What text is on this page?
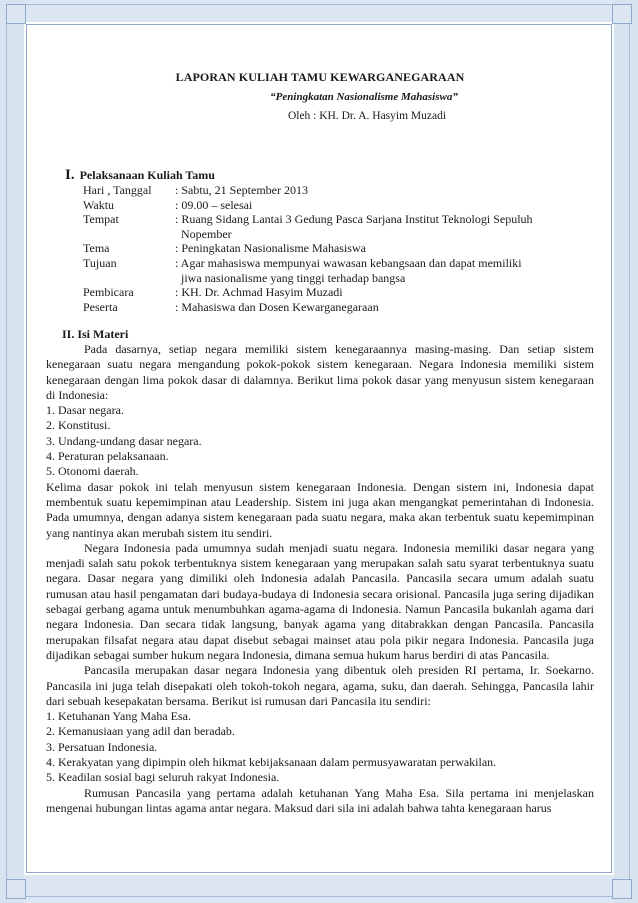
LAPORAN KULIAH TAMU KEWARGANEGARAAN

“Peningkatan Nasionalisme Mahasiswa”

Oleh : KH. Dr. A. Hasyim Muzadi

I. Pelaksanaan Kuliah Tamu
Hari , Tanggal	: Sabtu, 21 September 2013
Waktu	: 09.00 – selesai
Tempat	: Ruang Sidang Lantai 3 Gedung Pasca Sarjana Institut Teknologi Sepuluh
	Nopember
Tema	: Peningkatan Nasionalisme Mahasiswa
Tujuan	: Agar mahasiswa mempunyai wawasan kebangsaan dan dapat memiliki
	jiwa nasionalisme yang tinggi terhadap bangsa
Pembicara	: KH. Dr. Achmad Hasyim Muzadi
Peserta	: Mahasiswa dan Dosen Kewarganegaraan
II. Isi Materi

Pada dasarnya, setiap negara memiliki sistem kenegaraannya masing-masing. Dan setiap sistem kenegaraan suatu negara mengandung pokok-pokok sistem kenegaraan. Negara Indonesia memiliki sistem kenegaraan dengan lima pokok dasar di dalamnya. Berikut lima pokok dasar yang menyusun sistem kenegaraan di Indonesia:

1. Dasar negara.

2. Konstitusi.

3. Undang-undang dasar negara.

4. Peraturan pelaksanaan.

5. Otonomi daerah.

Kelima dasar pokok ini telah menyusun sistem kenegaraan Indonesia. Dengan sistem ini, Indonesia dapat membentuk suatu kepemimpinan atau Leadership. Sistem ini juga akan mengangkat pemerintahan di Indonesia. Pada umumnya, dengan adanya sistem kenegaraan pada suatu negara, maka akan terbentuk suatu kepemimpinan yang nantinya akan merubah sistem itu sendiri.

Negara Indonesia pada umumnya sudah menjadi suatu negara. Indonesia memiliki dasar negara yang menjadi salah satu pokok terbentuknya sistem kenegaraan yang merupakan salah satu syarat terbentuknya suatu negara. Dasar negara yang dimiliki oleh Indonesia adalah Pancasila. Pancasila secara umum adalah suatu rumusan atau hasil pengamatan dari budaya-budaya di Indonesia secara orisional. Pancasila juga sering dijadikan sebagai gerbang agama untuk menumbuhkan agama-agama di Indonesia. Namun Pancasila bukanlah agama dari negara Indonesia. Dan secara tidak langsung, banyak agama yang ditabrakkan dengan Pancasila. Pancasila merupakan filsafat negara atau dapat disebut sebagai mainset atau pola pikir negara Indonesia. Pancasila juga dijadikan sebagai sumber hukum negara Indonesia, dimana semua hukum harus berdiri di atas Pancasila.

Pancasila merupakan dasar negara Indonesia yang dibentuk oleh presiden RI pertama, Ir. Soekarno. Pancasila ini juga telah disepakati oleh tokoh-tokoh negara, agama, suku, dan daerah. Sehingga, Pancasila lahir dari sebuah kesepakatan bersama. Berikut isi rumusan dari Pancasila itu sendiri:

1. Ketuhanan Yang Maha Esa.

2. Kemanusiaan yang adil dan beradab.

3. Persatuan Indonesia.

4. Kerakyatan yang dipimpin oleh hikmat kebijaksanaan dalam permusyawaratan perwakilan.

5. Keadilan sosial bagi seluruh rakyat Indonesia.

Rumusan Pancasila yang pertama adalah ketuhanan Yang Maha Esa. Sila pertama ini menjelaskan mengenai hubungan lintas agama antar negara. Maksud dari sila ini adalah bahwa tahta kenegaraan harus
